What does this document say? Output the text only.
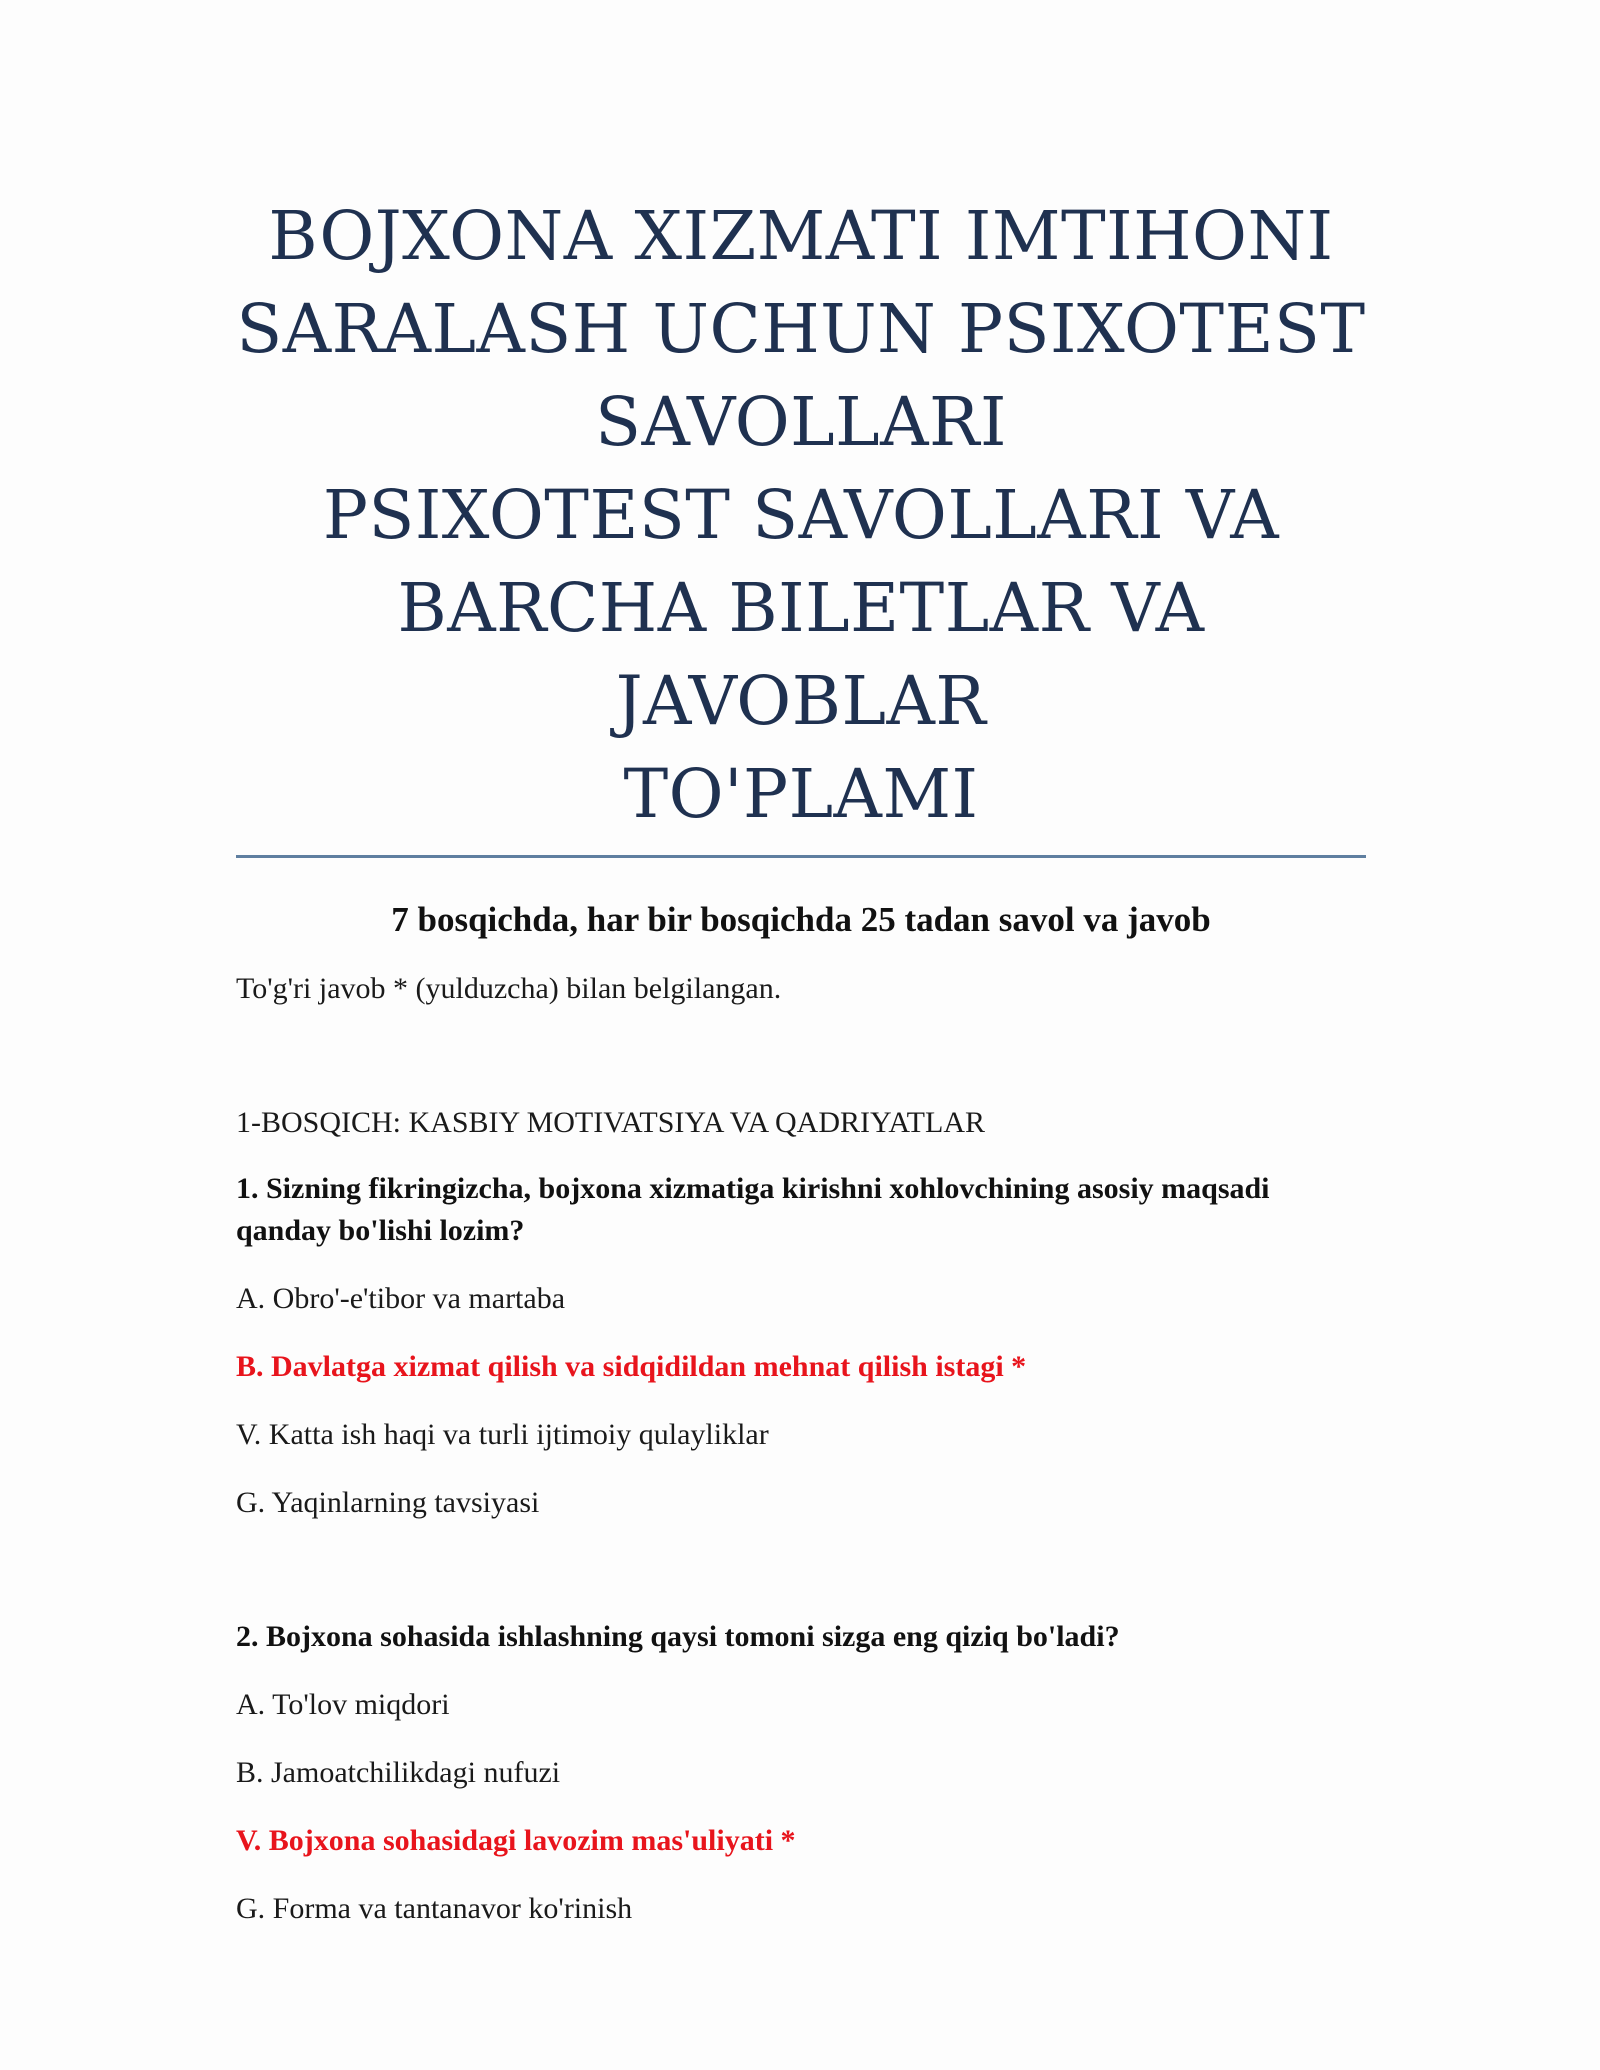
BOJXONA XIZMATI IMTIHONI
SARALASH UCHUN PSIXOTEST
SAVOLLARI
PSIXOTEST SAVOLLARI VA
BARCHA BILETLAR VA JAVOBLAR
TO'PLAMI
7 bosqichda, har bir bosqichda 25 tadan savol va javob

To'g'ri javob * (yulduzcha) bilan belgilangan.

1-BOSQICH: KASBIY MOTIVATSIYA VA QADRIYATLAR

1. Sizning fikringizcha, bojxona xizmatiga kirishni xohlovchining asosiy maqsadi qanday bo'lishi lozim?

A. Obro'-e'tibor va martaba

B. Davlatga xizmat qilish va sidqidildan mehnat qilish istagi *

V. Katta ish haqi va turli ijtimoiy qulayliklar

G. Yaqinlarning tavsiyasi

2. Bojxona sohasida ishlashning qaysi tomoni sizga eng qiziq bo'ladi?

A. To'lov miqdori

B. Jamoatchilikdagi nufuzi

V. Bojxona sohasidagi lavozim mas'uliyati *

G. Forma va tantanavor ko'rinish
